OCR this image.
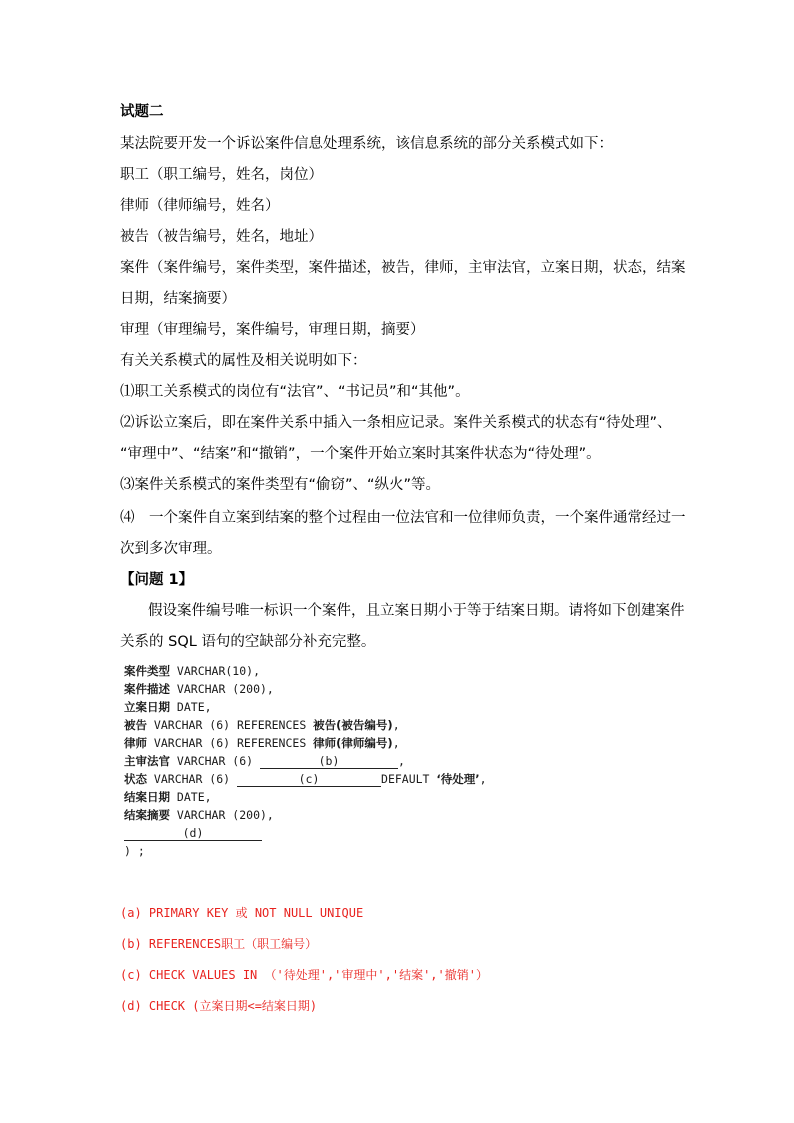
试题二
某法院要开发一个诉讼案件信息处理系统，该信息系统的部分关系模式如下：
职工（职工编号，姓名，岗位）
律师（律师编号，姓名）
被告（被告编号，姓名，地址）
案件（案件编号，案件类型，案件描述，被告，律师，主审法官，立案日期，状态，结案
日期，结案摘要）
审理（审理编号，案件编号，审理日期，摘要）
有关关系模式的属性及相关说明如下：
⑴职工关系模式的岗位有“法官”、“书记员”和“其他”。
⑵诉讼立案后，即在案件关系中插入一条相应记录。案件关系模式的状态有“待处理”、
“审理中”、“结案”和“撤销”，一个案件开始立案时其案件状态为“待处理”。
⑶案件关系模式的案件类型有“偷窃”、“纵火”等。
⑷　一个案件自立案到结案的整个过程由一位法官和一位律师负责，一个案件通常经过一
次到多次审理。
【问题 1】
假设案件编号唯一标识一个案件，且立案日期小于等于结案日期。请将如下创建案件
关系的 SQL 语句的空缺部分补充完整。
案件类型 VARCHAR(10),
案件描述 VARCHAR (200),
立案日期 DATE,
被告 VARCHAR (6) REFERENCES 被告(被告编号),
律师 VARCHAR (6) REFERENCES 律师(律师编号),
主审法官 VARCHAR (6)	(b)	,
状态 VARCHAR (6)	(c)	DEFAULT ‘待处理’,
结案日期 DATE,
结案摘要 VARCHAR (200),
(d)
) ;
(a) PRIMARY KEY 或 NOT NULL UNIQUE
(b) REFERENCES职工（职工编号）
(c) CHECK VALUES IN （'待处理','审理中','结案','撤销'）
(d) CHECK (立案日期<=结案日期)
